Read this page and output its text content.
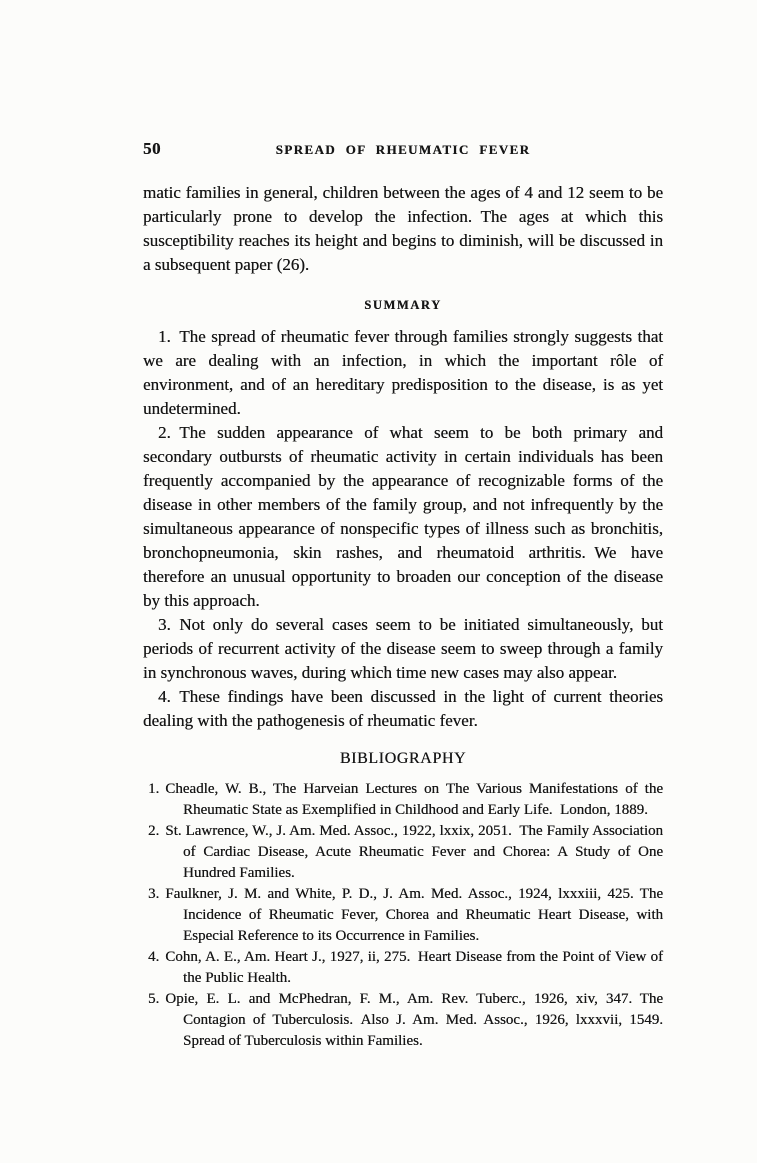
50	SPREAD OF RHEUMATIC FEVER

matic families in general, children between the ages of 4 and 12 seem to be particularly prone to develop the infection. The ages at which this susceptibility reaches its height and begins to diminish, will be discussed in a subsequent paper (26).

SUMMARY

1. The spread of rheumatic fever through families strongly suggests that we are dealing with an infection, in which the important rôle of environment, and of an hereditary predisposition to the disease, is as yet undetermined.

2. The sudden appearance of what seem to be both primary and secondary outbursts of rheumatic activity in certain individuals has been frequently accompanied by the appearance of recognizable forms of the disease in other members of the family group, and not infrequently by the simultaneous appearance of nonspecific types of illness such as bronchitis, bronchopneumonia, skin rashes, and rheumatoid arthritis. We have therefore an unusual opportunity to broaden our conception of the disease by this approach.

3. Not only do several cases seem to be initiated simultaneously, but periods of recurrent activity of the disease seem to sweep through a family in synchronous waves, during which time new cases may also appear.

4. These findings have been discussed in the light of current theories dealing with the pathogenesis of rheumatic fever.

BIBLIOGRAPHY

1. Cheadle, W. B., The Harveian Lectures on The Various Manifestations of the Rheumatic State as Exemplified in Childhood and Early Life. London, 1889.

2. St. Lawrence, W., J. Am. Med. Assoc., 1922, lxxix, 2051. The Family Association of Cardiac Disease, Acute Rheumatic Fever and Chorea: A Study of One Hundred Families.

3. Faulkner, J. M. and White, P. D., J. Am. Med. Assoc., 1924, lxxxiii, 425. The Incidence of Rheumatic Fever, Chorea and Rheumatic Heart Disease, with Especial Reference to its Occurrence in Families.

4. Cohn, A. E., Am. Heart J., 1927, ii, 275. Heart Disease from the Point of View of the Public Health.

5. Opie, E. L. and McPhedran, F. M., Am. Rev. Tuberc., 1926, xiv, 347. The Contagion of Tuberculosis. Also J. Am. Med. Assoc., 1926, lxxxvii, 1549. Spread of Tuberculosis within Families.
